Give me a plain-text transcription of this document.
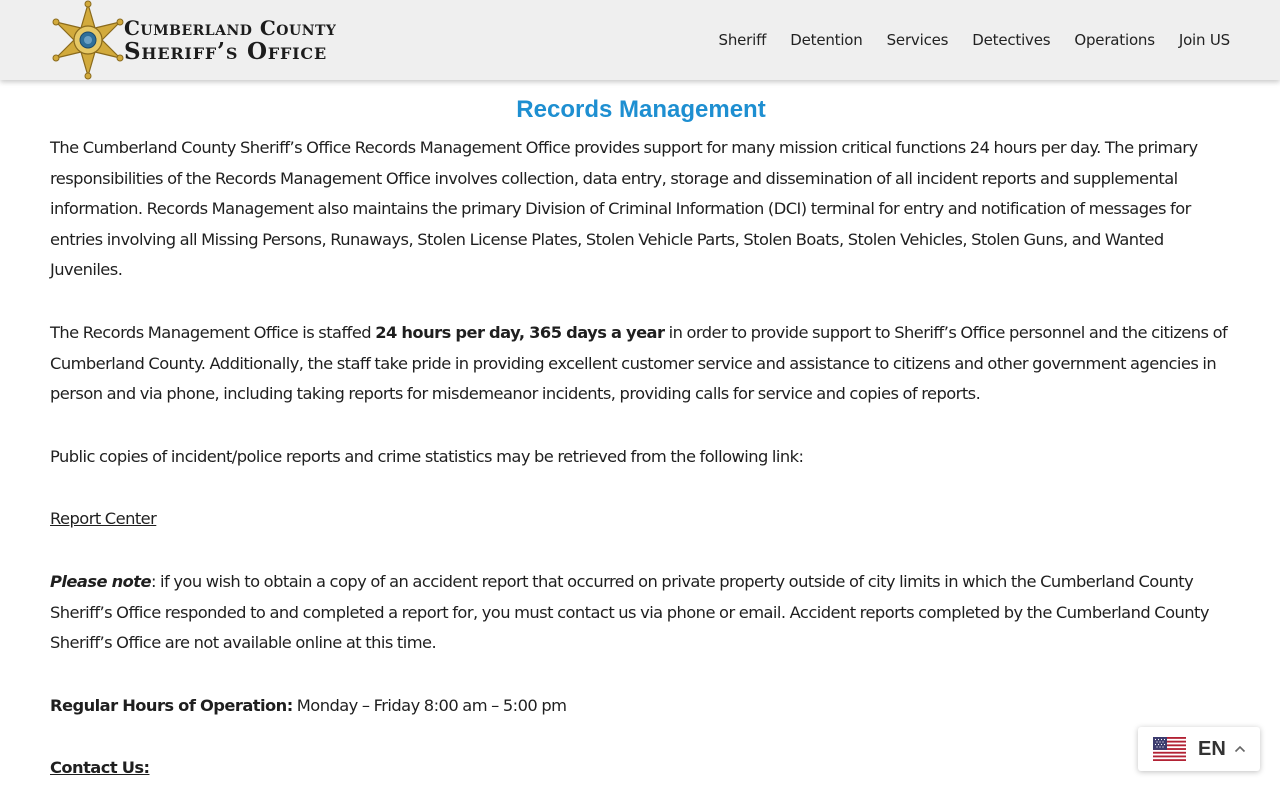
Cumberland County
Sheriff’s Office	Sheriff Detention Services Detectives Operations Join US
Records Management

The Cumberland County Sheriff’s Office Records Management Office provides support for many mission critical functions 24 hours per day. The primary responsibilities of the Records Management Office involves collection, data entry, storage and dissemination of all incident reports and supplemental information. Records Management also maintains the primary Division of Criminal Information (DCI) terminal for entry and notification of messages for entries involving all Missing Persons, Runaways, Stolen License Plates, Stolen Vehicle Parts, Stolen Boats, Stolen Vehicles, Stolen Guns, and Wanted Juveniles.

The Records Management Office is staffed 24 hours per day, 365 days a year in order to provide support to Sheriff’s Office personnel and the citizens of Cumberland County. Additionally, the staff take pride in providing excellent customer service and assistance to citizens and other government agencies in person and via phone, including taking reports for misdemeanor incidents, providing calls for service and copies of reports.

Public copies of incident/police reports and crime statistics may be retrieved from the following link:

Report Center

Please note: if you wish to obtain a copy of an accident report that occurred on private property outside of city limits in which the Cumberland County Sheriff’s Office responded to and completed a report for, you must contact us via phone or email. Accident reports completed by the Cumberland County Sheriff’s Office are not available online at this time.

Regular Hours of Operation: Monday – Friday 8:00 am – 5:00 pm

Contact Us:

EN
